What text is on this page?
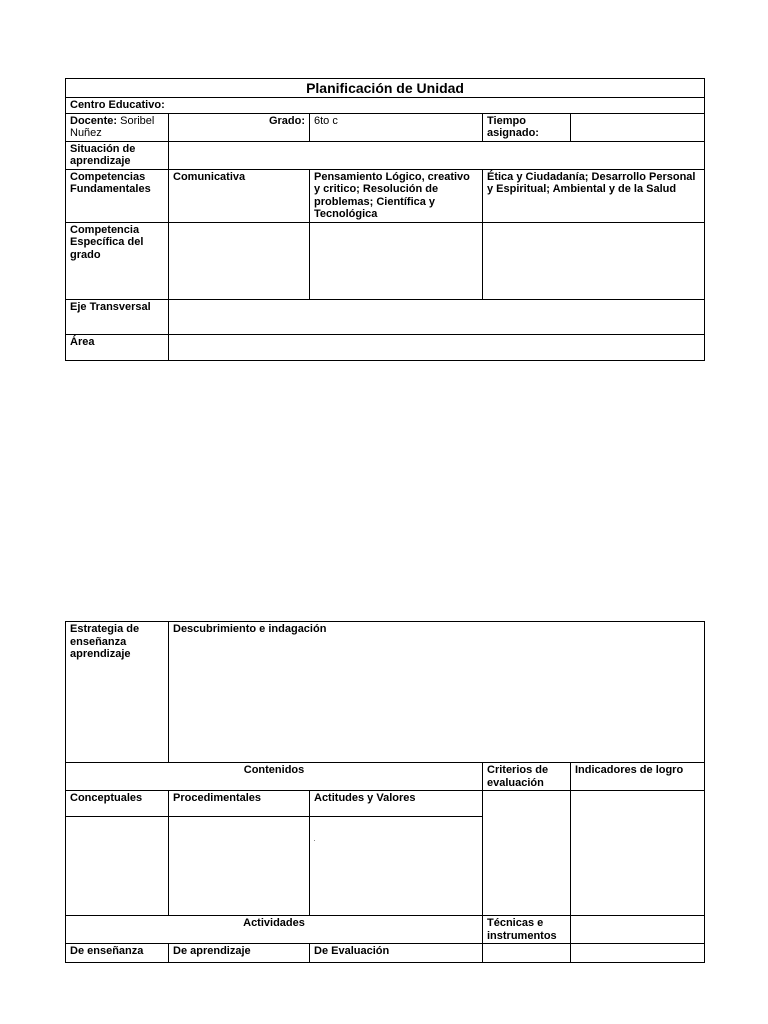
Planificación de Unidad				
Centro Educativo:				
Docente: Soribel Nuñez	Grado:	6to c	Tiempo asignado:	
Situación de aprendizaje				
Competencias Fundamentales	Comunicativa	Pensamiento Lógico, creativo y critico; Resolución de problemas; Científica y Tecnológica	Ética y Ciudadanía; Desarrollo Personal y Espiritual; Ambiental y de la Salud	
Competencia Específica del grado				
Eje Transversal				
Área				
Estrategia de enseñanza aprendizaje	Descubrimiento e indagación			
Contenidos			Criterios de evaluación	Indicadores de logro
Conceptuales	Procedimentales	Actitudes y Valores		

Actividades			Técnicas e instrumentos	
De enseñanza	De aprendizaje	De Evaluación		
